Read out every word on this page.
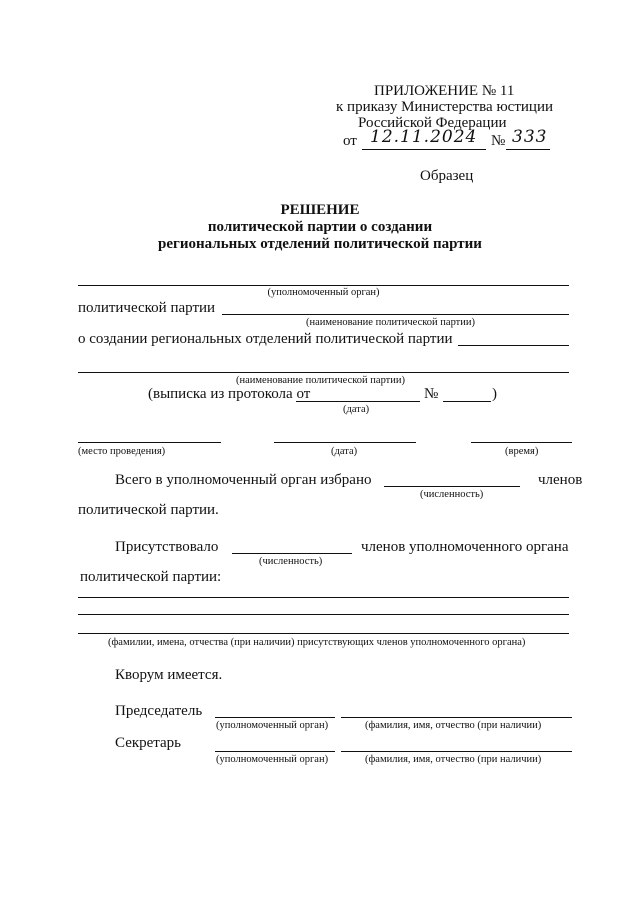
ПРИЛОЖЕНИЕ № 11
к приказу Министерства юстиции
Российской Федерации
от 12.11.2024 № 333
Образец
РЕШЕНИЕ
политической партии о создании
региональных отделений политической партии
(уполномоченный орган)
политической партии
(наименование политической партии)
о создании региональных отделений политической партии
(наименование политической партии)
(выписка из протокола от	№	)
(дата)
(место проведения)	(дата)	(время)
Всего в уполномоченный орган избрано	членов
(численность)
политической партии.
Присутствовало	членов уполномоченного органа
(численность)
политической партии:
(фамилии, имена, отчества (при наличии) присутствующих членов уполномоченного органа)
Кворум имеется.
Председатель
(уполномоченный орган)	(фамилия, имя, отчество (при наличии)
Секретарь
(уполномоченный орган)	(фамилия, имя, отчество (при наличии)
